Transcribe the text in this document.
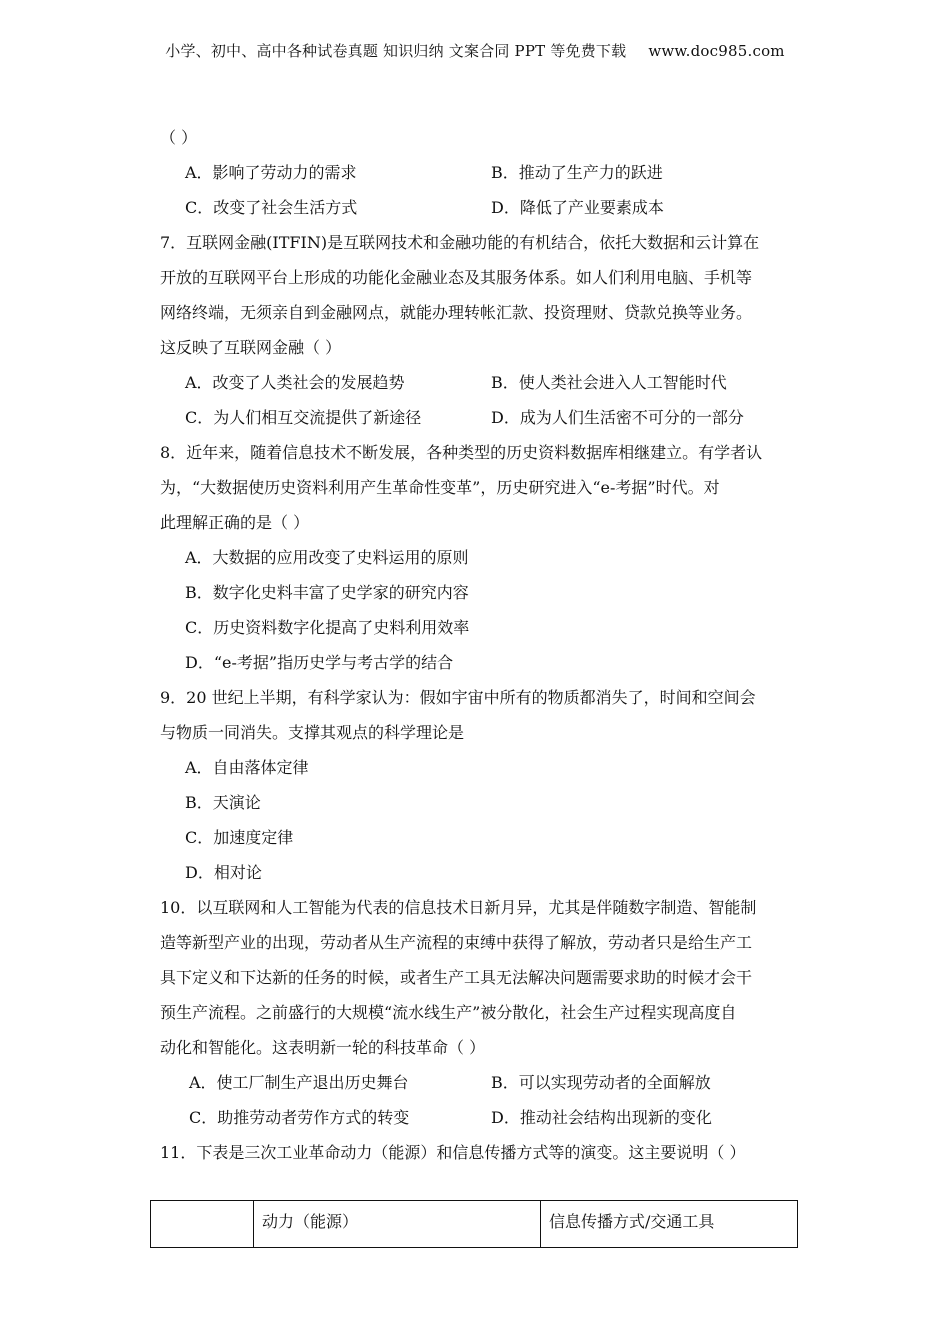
小学、初中、高中各种试卷真题 知识归纳 文案合同 PPT 等免费下载 www.doc985.com
（ ）
A．影响了劳动力的需求	B．推动了生产力的跃进
C．改变了社会生活方式	D．降低了产业要素成本
7．互联网金融(ITFIN)是互联网技术和金融功能的有机结合，依托大数据和云计算在
开放的互联网平台上形成的功能化金融业态及其服务体系。如人们利用电脑、手机等
网络终端，无须亲自到金融网点，就能办理转帐汇款、投资理财、贷款兑换等业务。
这反映了互联网金融（ ）
A．改变了人类社会的发展趋势	B．使人类社会进入人工智能时代
C．为人们相互交流提供了新途径	D．成为人们生活密不可分的一部分
8．近年来，随着信息技术不断发展，各种类型的历史资料数据库相继建立。有学者认
为，“大数据使历史资料利用产生革命性变革”，历史研究进入“e-考据”时代。对
此理解正确的是（ ）
A．大数据的应用改变了史料运用的原则
B．数字化史料丰富了史学家的研究内容
C．历史资料数字化提高了史料利用效率
D．“e-考据”指历史学与考古学的结合
9．20 世纪上半期，有科学家认为：假如宇宙中所有的物质都消失了，时间和空间会
与物质一同消失。支撑其观点的科学理论是
A．自由落体定律
B．天演论
C．加速度定律
D．相对论
10．以互联网和人工智能为代表的信息技术日新月异，尤其是伴随数字制造、智能制
造等新型产业的出现，劳动者从生产流程的束缚中获得了解放，劳动者只是给生产工
具下定义和下达新的任务的时候，或者生产工具无法解决问题需要求助的时候才会干
预生产流程。之前盛行的大规模“流水线生产”被分散化，社会生产过程实现高度自
动化和智能化。这表明新一轮的科技革命（ ）
A．使工厂制生产退出历史舞台	B．可以实现劳动者的全面解放
C．助推劳动者劳作方式的转变	D．推动社会结构出现新的变化
11．下表是三次工业革命动力（能源）和信息传播方式等的演变。这主要说明（ ）
	动力（能源）	信息传播方式/交通工具
